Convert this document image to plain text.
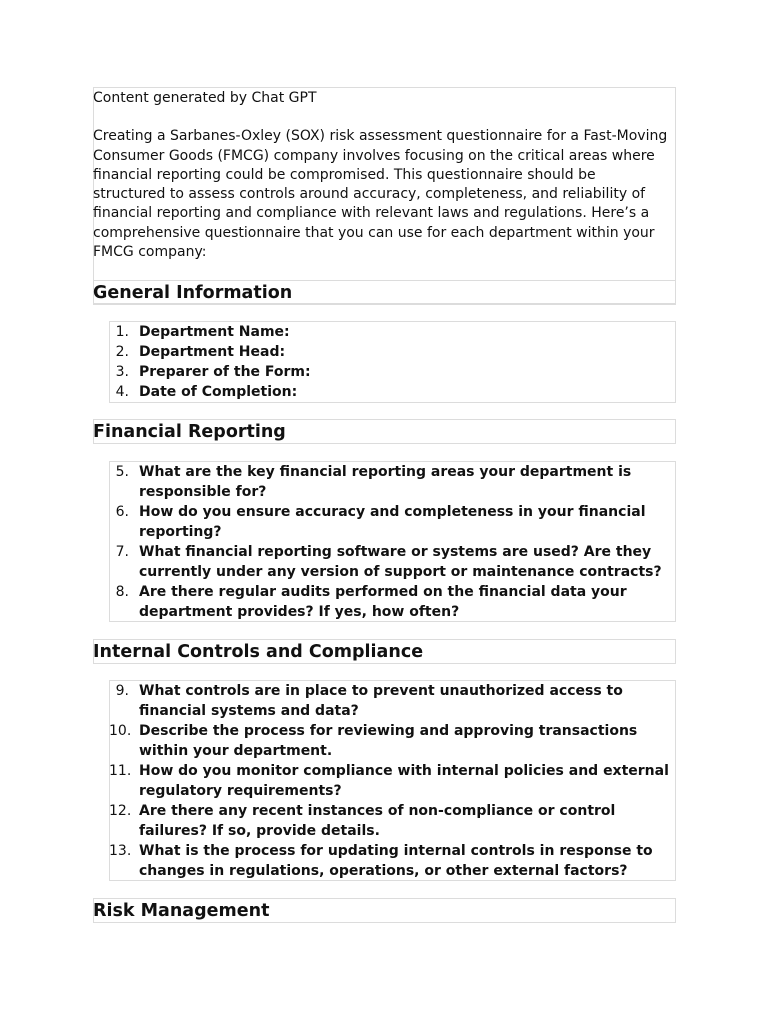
Content generated by Chat GPT

Creating a Sarbanes-Oxley (SOX) risk assessment questionnaire for a Fast-Moving Consumer Goods (FMCG) company involves focusing on the critical areas where financial reporting could be compromised. This questionnaire should be structured to assess controls around accuracy, completeness, and reliability of financial reporting and compliance with relevant laws and regulations. Here’s a comprehensive questionnaire that you can use for each department within your FMCG company:

General Information
1. Department Name:
2. Department Head:
3. Preparer of the Form:
4. Date of Completion:
Financial Reporting
5. What are the key financial reporting areas your department is responsible for?
6. How do you ensure accuracy and completeness in your financial reporting?
7. What financial reporting software or systems are used? Are they currently under any version of support or maintenance contracts?
8. Are there regular audits performed on the financial data your department provides? If yes, how often?
Internal Controls and Compliance
9. What controls are in place to prevent unauthorized access to financial systems and data?
10. Describe the process for reviewing and approving transactions within your department.
11. How do you monitor compliance with internal policies and external regulatory requirements?
12. Are there any recent instances of non-compliance or control failures? If so, provide details.
13. What is the process for updating internal controls in response to changes in regulations, operations, or other external factors?
Risk Management
